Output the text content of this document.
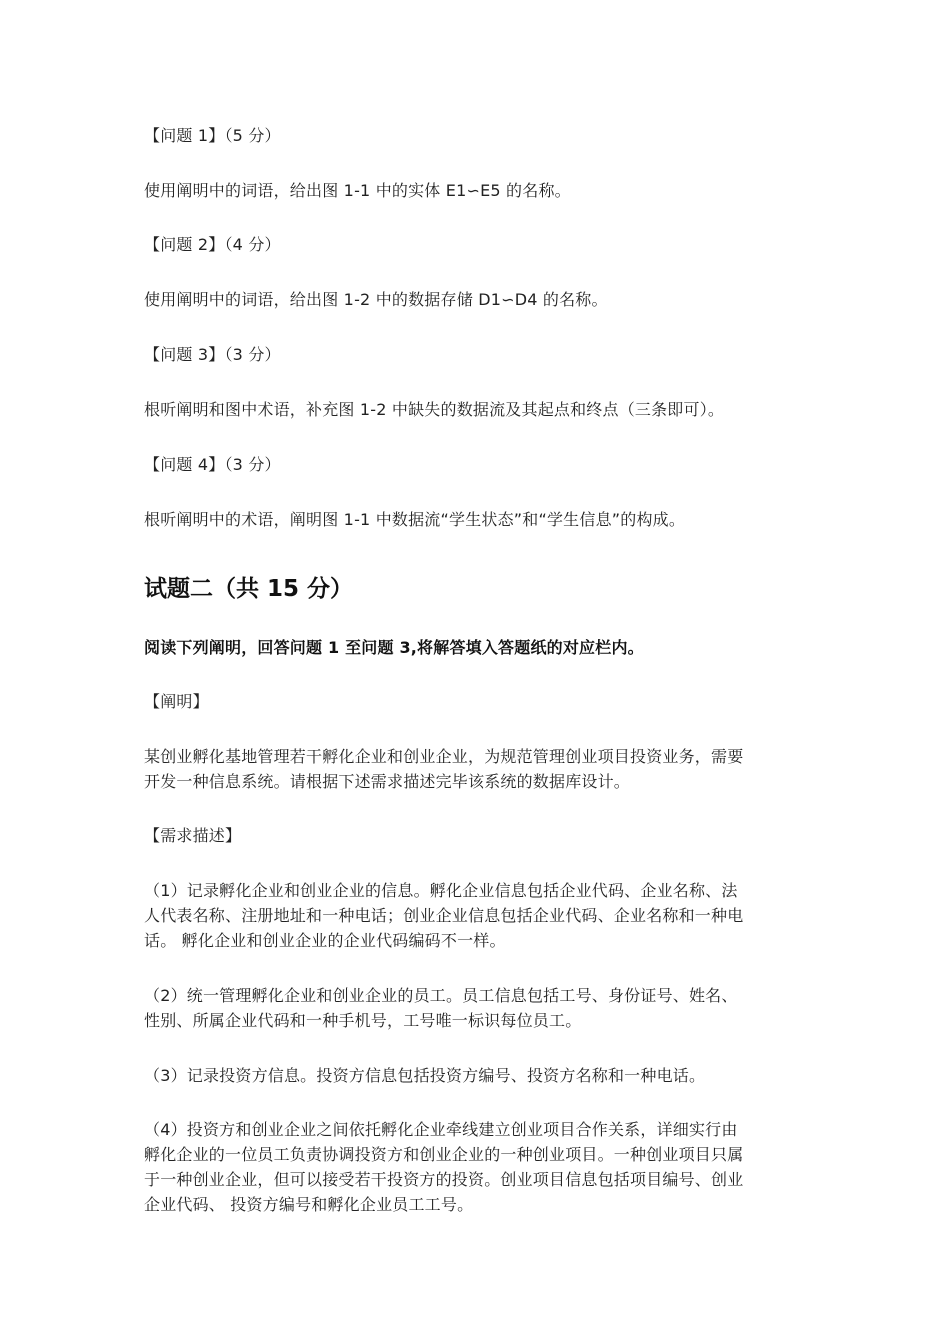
【问题 1】（5 分）
使用阐明中的词语，给出图 1-1 中的实体 E1∽E5 的名称。
【问题 2】（4 分）
使用阐明中的词语，给出图 1-2 中的数据存储 D1∽D4 的名称。
【问题 3】（3 分）
根听阐明和图中术语，补充图 1-2 中缺失的数据流及其起点和终点（三条即可）。
【问题 4】（3 分）
根听阐明中的术语，阐明图 1-1 中数据流“学生状态”和“学生信息”的构成。
试题二（共 15 分）
阅读下列阐明，回答问题 1 至问题 3,将解答填入答题纸的对应栏内。
【阐明】
某创业孵化基地管理若干孵化企业和创业企业，为规范管理创业项目投资业务，需要
开发一种信息系统。请根据下述需求描述完毕该系统的数据库设计。
【需求描述】
（1）记录孵化企业和创业企业的信息。孵化企业信息包括企业代码、企业名称、法
人代表名称、注册地址和一种电话；创业企业信息包括企业代码、企业名称和一种电
话。 孵化企业和创业企业的企业代码编码不一样。
（2）统一管理孵化企业和创业企业的员工。员工信息包括工号、身份证号、姓名、
性别、所属企业代码和一种手机号，工号唯一标识每位员工。
（3）记录投资方信息。投资方信息包括投资方编号、投资方名称和一种电话。
（4）投资方和创业企业之间依托孵化企业牵线建立创业项目合作关系，详细实行由
孵化企业的一位员工负责协调投资方和创业企业的一种创业项目。一种创业项目只属
于一种创业企业，但可以接受若干投资方的投资。创业项目信息包括项目编号、创业
企业代码、 投资方编号和孵化企业员工工号。
